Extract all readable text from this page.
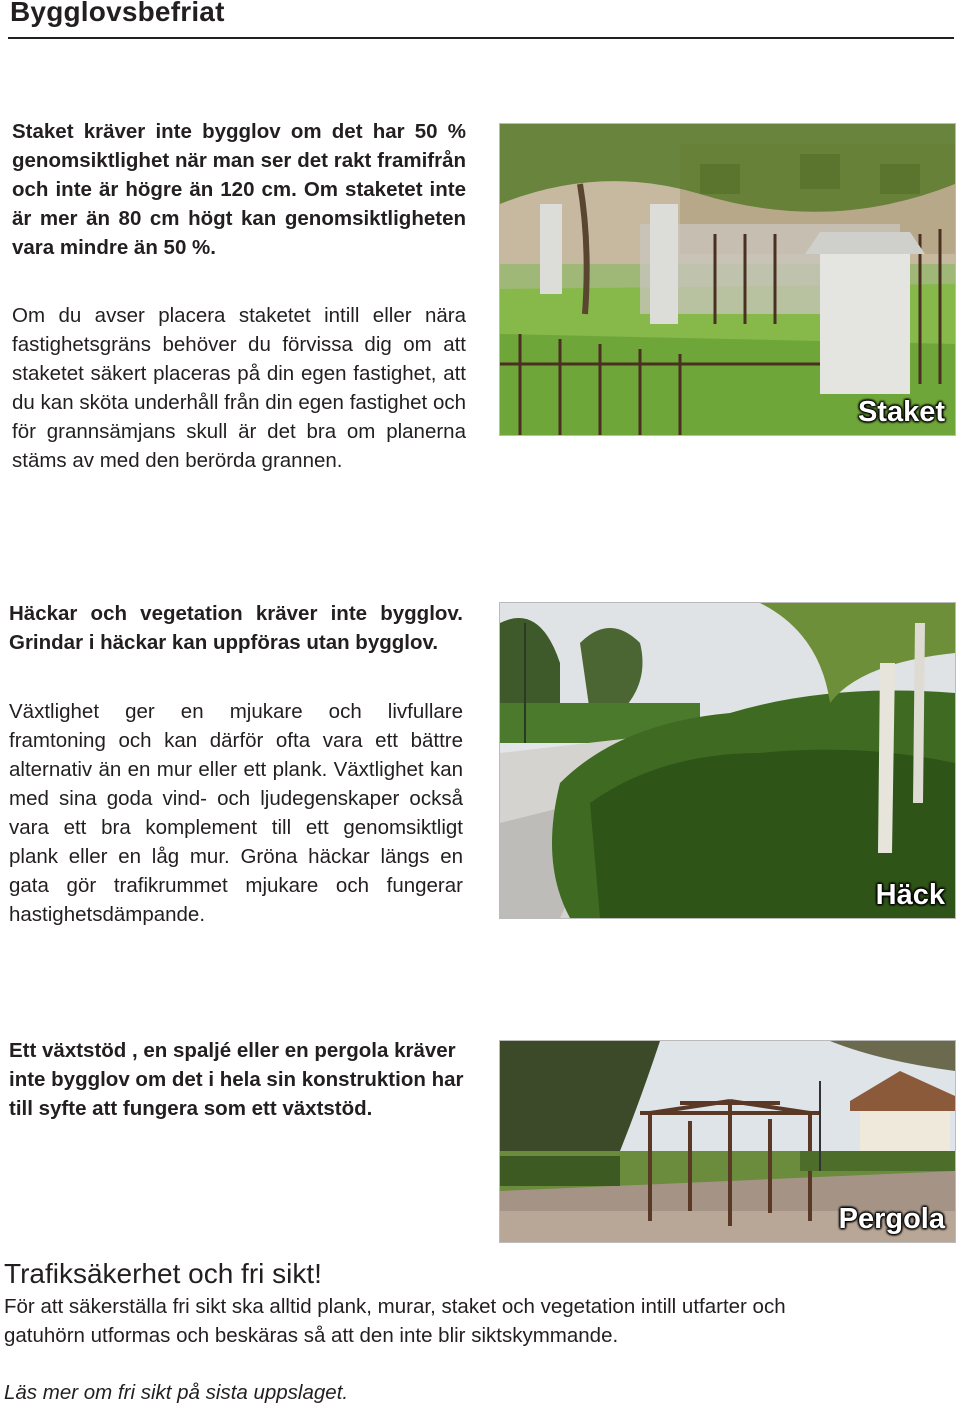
Bygglovsbefriat
Staket kräver inte bygglov om det har 50 % genomsiktlighet när man ser det rakt framifrån och inte är högre än 120 cm. Om staketet inte är mer än 80 cm högt kan genomsiktligheten vara mindre än 50 %.
Om du avser placera staketet intill eller nära fastighetsgräns behöver du förvissa dig om att staketet säkert placeras på din egen fastighet, att du kan sköta underhåll från din egen fastighet och för grannsämjans skull är det bra om planerna stäms av med den berörda grannen.
Staket
Häckar och vegetation kräver inte bygglov. Grindar i häckar kan uppföras utan bygglov.
Växtlighet ger en mjukare och livfullare framtoning och kan därför ofta vara ett bättre alternativ än en mur eller ett plank. Växtlighet kan med sina goda vind- och ljudegenskaper också vara ett bra komplement till ett genomsiktligt plank eller en låg mur. Gröna häckar längs en gata gör trafikrummet mjukare och fungerar hastighetsdämpande.
Häck
Ett växtstöd , en spaljé eller en pergola kräver inte bygglov om det i hela sin konstruktion har till syfte att fungera som ett växtstöd.
Pergola
Trafiksäkerhet och fri sikt!
För att säkerställa fri sikt ska alltid plank, murar, staket och vegetation intill utfarter och
gatuhörn utformas och beskäras så att den inte blir siktskymmande.
Läs mer om fri sikt på sista uppslaget.
